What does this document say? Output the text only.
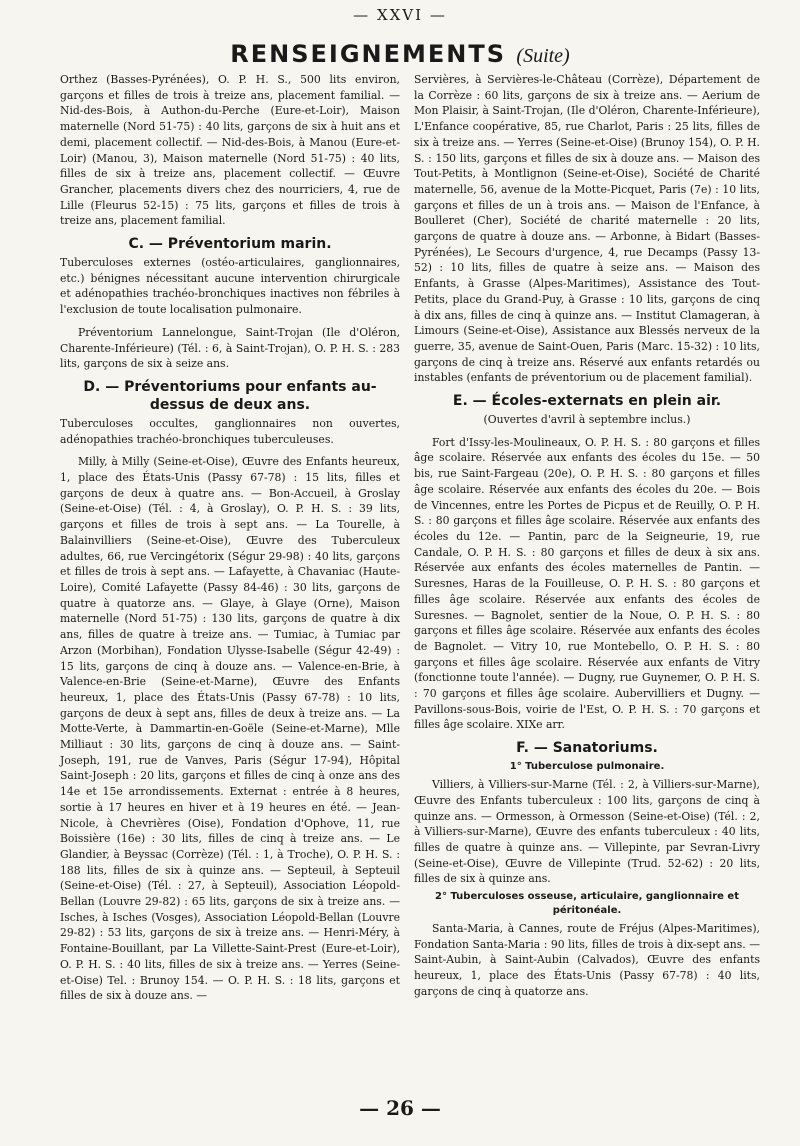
— XXVI —
RENSEIGNEMENTS (Suite)

Orthez (Basses-Pyrénées), O. P. H. S., 500 lits environ, garçons et filles de trois à treize ans, placement familial. — Nid-des-Bois, à Authon-du-Perche (Eure-et-Loir), Maison maternelle (Nord 51-75) : 40 lits, garçons de six à huit ans et demi, placement collectif. — Nid-des-Bois, à Manou (Eure-et-Loir) (Manou, 3), Maison maternelle (Nord 51-75) : 40 lits, filles de six à treize ans, placement collectif. — Œuvre Grancher, placements divers chez des nourriciers, 4, rue de Lille (Fleurus 52-15) : 75 lits, garçons et filles de trois à treize ans, placement familial.

C. — Préventorium marin.

Tuberculoses externes (ostéo-articulaires, ganglionnaires, etc.) bénignes nécessitant aucune intervention chirurgicale et adénopathies trachéo-bronchiques inactives non fébriles à l'exclusion de toute localisation pulmonaire.

Préventorium Lannelongue, Saint-Trojan (Ile d'Oléron, Charente-Inférieure) (Tél. : 6, à Saint-Trojan), O. P. H. S. : 283 lits, garçons de six à seize ans.

D. — Préventoriums pour enfants au-dessus de deux ans.

Tuberculoses occultes, ganglionnaires non ouvertes, adénopathies trachéo-bronchiques tuberculeuses.

Milly, à Milly (Seine-et-Oise), Œuvre des Enfants heureux, 1, place des États-Unis (Passy 67-78) : 15 lits, filles et garçons de deux à quatre ans. — Bon-Accueil, à Groslay (Seine-et-Oise) (Tél. : 4, à Groslay), O. P. H. S. : 39 lits, garçons et filles de trois à sept ans. — La Tourelle, à Balainvilliers (Seine-et-Oise), Œuvre des Tuberculeux adultes, 66, rue Vercingétorix (Ségur 29-98) : 40 lits, garçons et filles de trois à sept ans. — Lafayette, à Chavaniac (Haute-Loire), Comité Lafayette (Passy 84-46) : 30 lits, garçons de quatre à quatorze ans. — Glaye, à Glaye (Orne), Maison maternelle (Nord 51-75) : 130 lits, garçons de quatre à dix ans, filles de quatre à treize ans. — Tumiac, à Tumiac par Arzon (Morbihan), Fondation Ulysse-Isabelle (Ségur 42-49) : 15 lits, garçons de cinq à douze ans. — Valence-en-Brie, à Valence-en-Brie (Seine-et-Marne), Œuvre des Enfants heureux, 1, place des États-Unis (Passy 67-78) : 10 lits, garçons de deux à sept ans, filles de deux à treize ans. — La Motte-Verte, à Dammartin-en-Goële (Seine-et-Marne), Mlle Milliaut : 30 lits, garçons de cinq à douze ans. — Saint-Joseph, 191, rue de Vanves, Paris (Ségur 17-94), Hôpital Saint-Joseph : 20 lits, garçons et filles de cinq à onze ans des 14e et 15e arrondissements. Externat : entrée à 8 heures, sortie à 17 heures en hiver et à 19 heures en été. — Jean-Nicole, à Chevrières (Oise), Fondation d'Ophove, 11, rue Boissière (16e) : 30 lits, filles de cinq à treize ans. — Le Glandier, à Beyssac (Corrèze) (Tél. : 1, à Troche), O. P. H. S. : 188 lits, filles de six à quinze ans. — Septeuil, à Septeuil (Seine-et-Oise) (Tél. : 27, à Septeuil), Association Léopold-Bellan (Louvre 29-82) : 65 lits, garçons de six à treize ans. — Isches, à Isches (Vosges), Association Léopold-Bellan (Louvre 29-82) : 53 lits, garçons de six à treize ans. — Henri-Méry, à Fontaine-Bouillant, par La Villette-Saint-Prest (Eure-et-Loir), O. P. H. S. : 40 lits, filles de six à treize ans. — Yerres (Seine-et-Oise) Tel. : Brunoy 154. — O. P. H. S. : 18 lits, garçons et filles de six à douze ans. —

Servières, à Servières-le-Château (Corrèze), Département de la Corrèze : 60 lits, garçons de six à treize ans. — Aerium de Mon Plaisir, à Saint-Trojan, (Ile d'Oléron, Charente-Inférieure), L'Enfance coopérative, 85, rue Charlot, Paris : 25 lits, filles de six à treize ans. — Yerres (Seine-et-Oise) (Brunoy 154), O. P. H. S. : 150 lits, garçons et filles de six à douze ans. — Maison des Tout-Petits, à Montlignon (Seine-et-Oise), Société de Charité maternelle, 56, avenue de la Motte-Picquet, Paris (7e) : 10 lits, garçons et filles de un à trois ans. — Maison de l'Enfance, à Boulleret (Cher), Société de charité maternelle : 20 lits, garçons de quatre à douze ans. — Arbonne, à Bidart (Basses-Pyrénées), Le Secours d'urgence, 4, rue Decamps (Passy 13-52) : 10 lits, filles de quatre à seize ans. — Maison des Enfants, à Grasse (Alpes-Maritimes), Assistance des Tout-Petits, place du Grand-Puy, à Grasse : 10 lits, garçons de cinq à dix ans, filles de cinq à quinze ans. — Institut Clamageran, à Limours (Seine-et-Oise), Assistance aux Blessés nerveux de la guerre, 35, avenue de Saint-Ouen, Paris (Marc. 15-32) : 10 lits, garçons de cinq à treize ans. Réservé aux enfants retardés ou instables (enfants de préventorium ou de placement familial).

E. — Écoles-externats en plein air.
(Ouvertes d'avril à septembre inclus.)

Fort d'Issy-les-Moulineaux, O. P. H. S. : 80 garçons et filles âge scolaire. Réservée aux enfants des écoles du 15e. — 50 bis, rue Saint-Fargeau (20e), O. P. H. S. : 80 garçons et filles âge scolaire. Réservée aux enfants des écoles du 20e. — Bois de Vincennes, entre les Portes de Picpus et de Reuilly, O. P. H. S. : 80 garçons et filles âge scolaire. Réservée aux enfants des écoles du 12e. — Pantin, parc de la Seigneurie, 19, rue Candale, O. P. H. S. : 80 garçons et filles de deux à six ans. Réservée aux enfants des écoles maternelles de Pantin. — Suresnes, Haras de la Fouilleuse, O. P. H. S. : 80 garçons et filles âge scolaire. Réservée aux enfants des écoles de Suresnes. — Bagnolet, sentier de la Noue, O. P. H. S. : 80 garçons et filles âge scolaire. Réservée aux enfants des écoles de Bagnolet. — Vitry 10, rue Montebello, O. P. H. S. : 80 garçons et filles âge scolaire. Réservée aux enfants de Vitry (fonctionne toute l'année). — Dugny, rue Guynemer, O. P. H. S. : 70 garçons et filles âge scolaire. Aubervilliers et Dugny. — Pavillons-sous-Bois, voirie de l'Est, O. P. H. S. : 70 garçons et filles âge scolaire. XIXe arr.

F. — Sanatoriums.
1° Tuberculose pulmonaire.

Villiers, à Villiers-sur-Marne (Tél. : 2, à Villiers-sur-Marne), Œuvre des Enfants tuberculeux : 100 lits, garçons de cinq à quinze ans. — Ormesson, à Ormesson (Seine-et-Oise) (Tél. : 2, à Villiers-sur-Marne), Œuvre des enfants tuberculeux : 40 lits, filles de quatre à quinze ans. — Villepinte, par Sevran-Livry (Seine-et-Oise), Œuvre de Villepinte (Trud. 52-62) : 20 lits, filles de six à quinze ans.

2° Tuberculoses osseuse, articulaire, ganglionnaire et péritonéale.

Santa-Maria, à Cannes, route de Fréjus (Alpes-Maritimes), Fondation Santa-Maria : 90 lits, filles de trois à dix-sept ans. — Saint-Aubin, à Saint-Aubin (Calvados), Œuvre des enfants heureux, 1, place des États-Unis (Passy 67-78) : 40 lits, garçons de cinq à quatorze ans.

— 26 —
